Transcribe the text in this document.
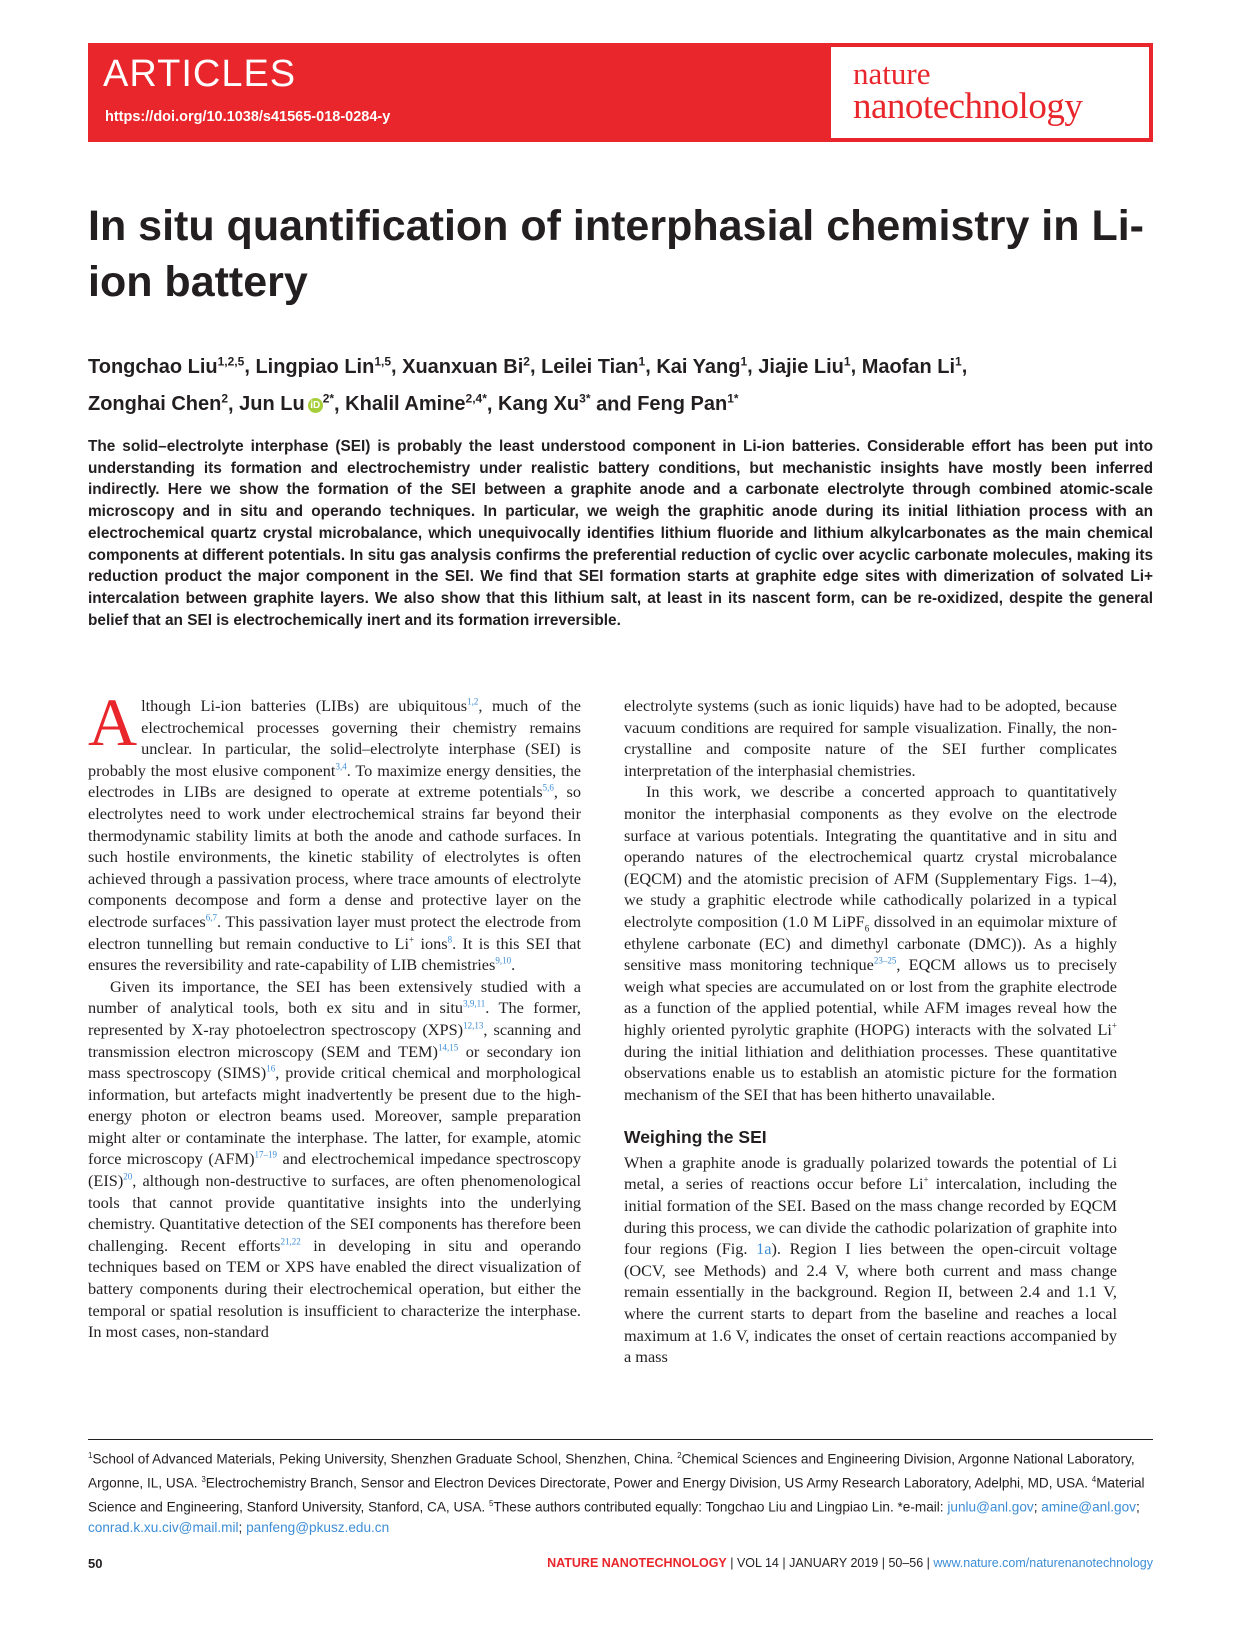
ARTICLES
https://doi.org/10.1038/s41565-018-0284-y
nature
nanotechnology
In situ quantification of interphasial chemistry in Li-ion battery
Tongchao Liu$^{1,2,5}$, Lingpiao Lin$^{1,5}$, Xuanxuan Bi$^2$, Leilei Tian$^1$, Kai Yang$^1$, Jiajie Liu$^1$, Maofan Li$^1$,
Zonghai Chen$^2$, Jun Lu $iD^{2*}$, Khalil Amine$^{2,4*}$, Kang $Xu^{3*}$ and Feng Pan$^{1*}$

The solid–electrolyte interphase (SEI) is probably the least understood component in Li-ion batteries. Considerable effort has been put into understanding its formation and electrochemistry under realistic battery conditions, but mechanistic insights have mostly been inferred indirectly. Here we show the formation of the SEI between a graphite anode and a carbonate electrolyte through combined atomic-scale microscopy and in situ and operando techniques. In particular, we weigh the graphitic anode during its initial lithiation process with an electrochemical quartz crystal microbalance, which unequivocally identifies lithium fluoride and lithium alkylcarbonates as the main chemical components at different potentials. In situ gas analysis confirms the preferential reduction of cyclic over acyclic carbonate molecules, making its reduction product the major component in the SEI. We find that SEI formation starts at graphite edge sites with dimerization of solvated Li+ intercalation between graphite layers. We also show that this lithium salt, at least in its nascent form, can be re-oxidized, despite the general belief that an SEI is electrochemically inert and its formation irreversible.

Although Li-ion batteries (LIBs) are ubiquitous$^{1,2}$, much of the electrochemical processes governing their chemistry remains unclear. In particular, the solid–electrolyte interphase (SEI) is probably the most elusive component$^{3,4}$. To maximize energy densities, the electrodes in LIBs are designed to operate at extreme potentials$^{5,6}$, so electrolytes need to work under electrochemical strains far beyond their thermodynamic stability limits at both the anode and cathode surfaces. In such hostile environments, the kinetic stability of electrolytes is often achieved through a passivation process, where trace amounts of electrolyte components decompose and form a dense and protective layer on the electrode surfaces$^{6,7}$. This passivation layer must protect the electrode from electron tunnelling but remain conductive to Li+ ions$^8$. It is this SEI that ensures the reversibility and rate-capability of LIB chemistries$^{9,10}$.

Given its importance, the SEI has been extensively studied with a number of analytical tools, both ex situ and in situ$^{3,9,11}$. The former, represented by X-ray photoelectron spectroscopy (XPS)$^{12,13}$, scanning and transmission electron microscopy (SEM and TEM)$^{14,15}$ or secondary ion mass spectroscopy (SIMS)$^{16}$, provide critical chemical and morphological information, but artefacts might inadvertently be present due to the high-energy photon or electron beams used. Moreover, sample preparation might alter or contaminate the interphase. The latter, for example, atomic force microscopy (AFM)$^{17-19}$ and electrochemical impedance spectroscopy (EIS)$^{20}$, although non-destructive to surfaces, are often phenomenological tools that cannot provide quantitative insights into the underlying chemistry. Quantitative detection of the SEI components has therefore been challenging. Recent efforts$^{21,22}$ in developing in situ and operando techniques based on TEM or XPS have enabled the direct visualization of battery components during their electrochemical operation, but either the temporal or spatial resolution is insufficient to characterize the interphase. In most cases, non-standard

electrolyte systems (such as ionic liquids) have had to be adopted, because vacuum conditions are required for sample visualization. Finally, the non-crystalline and composite nature of the SEI further complicates interpretation of the interphasial chemistries.

In this work, we describe a concerted approach to quantitatively monitor the interphasial components as they evolve on the electrode surface at various potentials. Integrating the quantitative and in situ and operando natures of the electrochemical quartz crystal microbalance (EQCM) and the atomistic precision of AFM (Supplementary Figs. 1–4), we study a graphitic electrode while cathodically polarized in a typical electrolyte composition (1.0 M LiPF$_6$ dissolved in an equimolar mixture of ethylene carbonate (EC) and dimethyl carbonate (DMC)). As a highly sensitive mass monitoring technique$^{23-25}$, EQCM allows us to precisely weigh what species are accumulated on or lost from the graphite electrode as a function of the applied potential, while AFM images reveal how the highly oriented pyrolytic graphite (HOPG) interacts with the solvated Li+ during the initial lithiation and delithiation processes. These quantitative observations enable us to establish an atomistic picture for the formation mechanism of the SEI that has been hitherto unavailable.

Weighing the SEI

When a graphite anode is gradually polarized towards the potential of Li metal, a series of reactions occur before Li+ intercalation, including the initial formation of the SEI. Based on the mass change recorded by EQCM during this process, we can divide the cathodic polarization of graphite into four regions (Fig. 1a). Region I lies between the open-circuit voltage (OCV, see Methods) and 2.4 V, where both current and mass change remain essentially in the background. Region II, between 2.4 and 1.1 V, where the current starts to depart from the baseline and reaches a local maximum at 1.6 V, indicates the onset of certain reactions accompanied by a mass

$^1$School of Advanced Materials, Peking University, Shenzhen Graduate School, Shenzhen, China. $^2$Chemical Sciences and Engineering Division, Argonne National Laboratory, Argonne, IL, USA. $^3$Electrochemistry Branch, Sensor and Electron Devices Directorate, Power and Energy Division, US Army Research Laboratory, Adelphi, MD, USA. $^4$Material Science and Engineering, Stanford University, Stanford, CA, USA. $^5$These authors contributed equally: Tongchao Liu and Lingpiao Lin. *e-mail: junlu@anl.gov; amine@anl.gov; conrad.k.xu.civ@mail.mil; panfeng@pkusz.edu.cn

50	NATURE NANOTECHNOLOGY | VOL 14 | JANUARY 2019 | 50–56 | www.nature.com/naturenanotechnology
